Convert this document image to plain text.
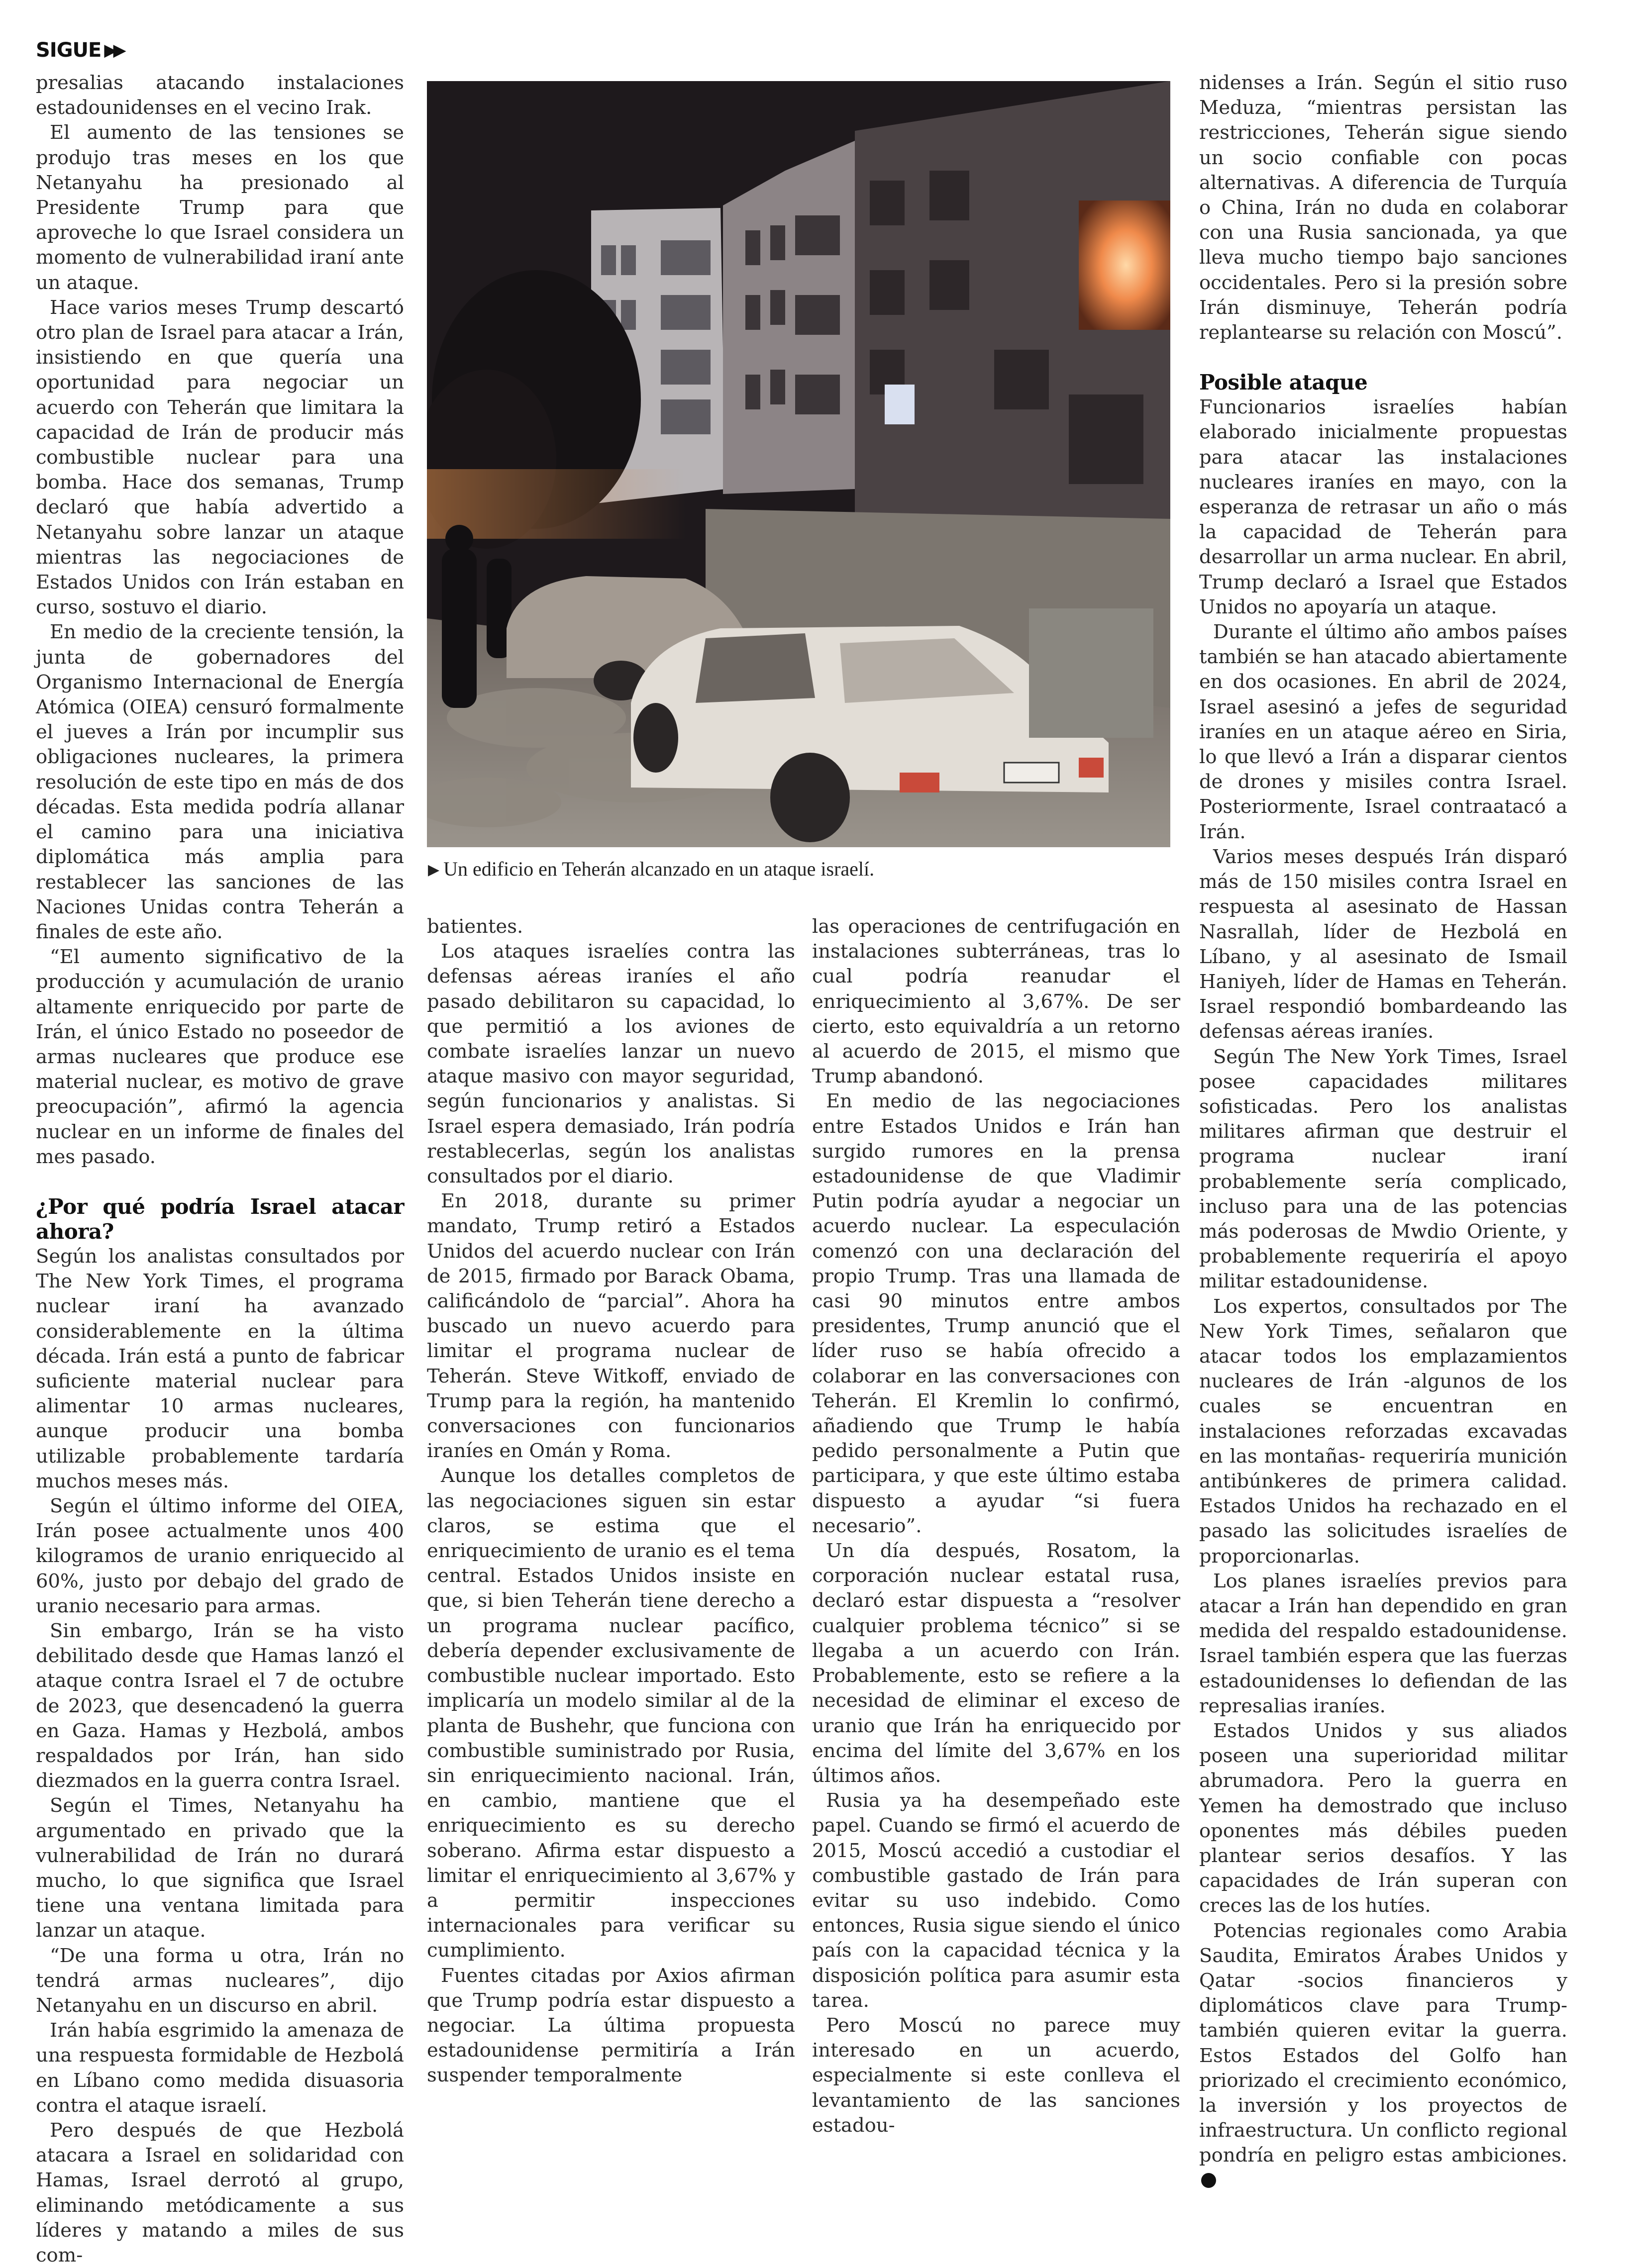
SIGUE ▶▶

presalias atacando instalaciones estadounidenses en el vecino Irak.

El aumento de las tensiones se produjo tras meses en los que Netanyahu ha presionado al Presidente Trump para que aproveche lo que Israel considera un momento de vulnerabilidad iraní ante un ataque.

Hace varios meses Trump descartó otro plan de Israel para atacar a Irán, insistiendo en que quería una oportunidad para negociar un acuerdo con Teherán que limitara la capacidad de Irán de producir más combustible nuclear para una bomba. Hace dos semanas, Trump declaró que había advertido a Netanyahu sobre lanzar un ataque mientras las negociaciones de Estados Unidos con Irán estaban en curso, sostuvo el diario.

En medio de la creciente tensión, la junta de gobernadores del Organismo Internacional de Energía Atómica (OIEA) censuró formalmente el jueves a Irán por incumplir sus obligaciones nucleares, la primera resolución de este tipo en más de dos décadas. Esta medida podría allanar el camino para una iniciativa diplomática más amplia para restablecer las sanciones de las Naciones Unidas contra Teherán a finales de este año.

“El aumento significativo de la producción y acumulación de uranio altamente enriquecido por parte de Irán, el único Estado no poseedor de armas nucleares que produce ese material nuclear, es motivo de grave preocupación”, afirmó la agencia nuclear en un informe de finales del mes pasado.

¿Por qué podría Israel atacar ahora?

Según los analistas consultados por The New York Times, el programa nuclear iraní ha avanzado considerablemente en la última década. Irán está a punto de fabricar suficiente material nuclear para alimentar 10 armas nucleares, aunque producir una bomba utilizable probablemente tardaría muchos meses más.

Según el último informe del OIEA, Irán posee actualmente unos 400 kilogramos de uranio enriquecido al 60%, justo por debajo del grado de uranio necesario para armas.

Sin embargo, Irán se ha visto debilitado desde que Hamas lanzó el ataque contra Israel el 7 de octubre de 2023, que desencadenó la guerra en Gaza. Hamas y Hezbolá, ambos respaldados por Irán, han sido diezmados en la guerra contra Israel.

Según el Times, Netanyahu ha argumentado en privado que la vulnerabilidad de Irán no durará mucho, lo que significa que Israel tiene una ventana limitada para lanzar un ataque.

“De una forma u otra, Irán no tendrá armas nucleares”, dijo Netanyahu en un discurso en abril.

Irán había esgrimido la amenaza de una respuesta formidable de Hezbolá en Líbano como medida disuasoria contra el ataque israelí.

Pero después de que Hezbolá atacara a Israel en solidaridad con Hamas, Israel derrotó al grupo, eliminando metódicamente a sus líderes y matando a miles de sus com-

▶ Un edificio en Teherán alcanzado en un ataque israelí.

batientes.

Los ataques israelíes contra las defensas aéreas iraníes el año pasado debilitaron su capacidad, lo que permitió a los aviones de combate israelíes lanzar un nuevo ataque masivo con mayor seguridad, según funcionarios y analistas. Si Israel espera demasiado, Irán podría restablecerlas, según los analistas consultados por el diario.

En 2018, durante su primer mandato, Trump retiró a Estados Unidos del acuerdo nuclear con Irán de 2015, firmado por Barack Obama, calificándolo de “parcial”. Ahora ha buscado un nuevo acuerdo para limitar el programa nuclear de Teherán. Steve Witkoff, enviado de Trump para la región, ha mantenido conversaciones con funcionarios iraníes en Omán y Roma.

Aunque los detalles completos de las negociaciones siguen sin estar claros, se estima que el enriquecimiento de uranio es el tema central. Estados Unidos insiste en que, si bien Teherán tiene derecho a un programa nuclear pacífico, debería depender exclusivamente de combustible nuclear importado. Esto implicaría un modelo similar al de la planta de Bushehr, que funciona con combustible suministrado por Rusia, sin enriquecimiento nacional. Irán, en cambio, mantiene que el enriquecimiento es su derecho soberano. Afirma estar dispuesto a limitar el enriquecimiento al 3,67% y a permitir inspecciones internacionales para verificar su cumplimiento.

Fuentes citadas por Axios afirman que Trump podría estar dispuesto a negociar. La última propuesta estadounidense permitiría a Irán suspender temporalmente

las operaciones de centrifugación en instalaciones subterráneas, tras lo cual podría reanudar el enriquecimiento al 3,67%. De ser cierto, esto equivaldría a un retorno al acuerdo de 2015, el mismo que Trump abandonó.

En medio de las negociaciones entre Estados Unidos e Irán han surgido rumores en la prensa estadounidense de que Vladimir Putin podría ayudar a negociar un acuerdo nuclear. La especulación comenzó con una declaración del propio Trump. Tras una llamada de casi 90 minutos entre ambos presidentes, Trump anunció que el líder ruso se había ofrecido a colaborar en las conversaciones con Teherán. El Kremlin lo confirmó, añadiendo que Trump le había pedido personalmente a Putin que participara, y que este último estaba dispuesto a ayudar “si fuera necesario”.

Un día después, Rosatom, la corporación nuclear estatal rusa, declaró estar dispuesta a “resolver cualquier problema técnico” si se llegaba a un acuerdo con Irán. Probablemente, esto se refiere a la necesidad de eliminar el exceso de uranio que Irán ha enriquecido por encima del límite del 3,67% en los últimos años.

Rusia ya ha desempeñado este papel. Cuando se firmó el acuerdo de 2015, Moscú accedió a custodiar el combustible gastado de Irán para evitar su uso indebido. Como entonces, Rusia sigue siendo el único país con la capacidad técnica y la disposición política para asumir esta tarea.

Pero Moscú no parece muy interesado en un acuerdo, especialmente si este conlleva el levantamiento de las sanciones estadou-

nidenses a Irán. Según el sitio ruso Meduza, “mientras persistan las restricciones, Teherán sigue siendo un socio confiable con pocas alternativas. A diferencia de Turquía o China, Irán no duda en colaborar con una Rusia sancionada, ya que lleva mucho tiempo bajo sanciones occidentales. Pero si la presión sobre Irán disminuye, Teherán podría replantearse su relación con Moscú”.

Posible ataque

Funcionarios israelíes habían elaborado inicialmente propuestas para atacar las instalaciones nucleares iraníes en mayo, con la esperanza de retrasar un año o más la capacidad de Teherán para desarrollar un arma nuclear. En abril, Trump declaró a Israel que Estados Unidos no apoyaría un ataque.

Durante el último año ambos países también se han atacado abiertamente en dos ocasiones. En abril de 2024, Israel asesinó a jefes de seguridad iraníes en un ataque aéreo en Siria, lo que llevó a Irán a disparar cientos de drones y misiles contra Israel. Posteriormente, Israel contraatacó a Irán.

Varios meses después Irán disparó más de 150 misiles contra Israel en respuesta al asesinato de Hassan Nasrallah, líder de Hezbolá en Líbano, y al asesinato de Ismail Haniyeh, líder de Hamas en Teherán. Israel respondió bombardeando las defensas aéreas iraníes.

Según The New York Times, Israel posee capacidades militares sofisticadas. Pero los analistas militares afirman que destruir el programa nuclear iraní probablemente sería complicado, incluso para una de las potencias más poderosas de Mwdio Oriente, y probablemente requeriría el apoyo militar estadounidense.

Los expertos, consultados por The New York Times, señalaron que atacar todos los emplazamientos nucleares de Irán -algunos de los cuales se encuentran en instalaciones reforzadas excavadas en las montañas- requeriría munición antibúnkeres de primera calidad. Estados Unidos ha rechazado en el pasado las solicitudes israelíes de proporcionarlas.

Los planes israelíes previos para atacar a Irán han dependido en gran medida del respaldo estadounidense. Israel también espera que las fuerzas estadounidenses lo defiendan de las represalias iraníes.

Estados Unidos y sus aliados poseen una superioridad militar abrumadora. Pero la guerra en Yemen ha demostrado que incluso oponentes más débiles pueden plantear serios desafíos. Y las capacidades de Irán superan con creces las de los hutíes.

Potencias regionales como Arabia Saudita, Emiratos Árabes Unidos y Qatar -socios financieros y diplomáticos clave para Trump- también quieren evitar la guerra. Estos Estados del Golfo han priorizado el crecimiento económico, la inversión y los proyectos de infraestructura. Un conflicto regional pondría en peligro estas ambiciones.
